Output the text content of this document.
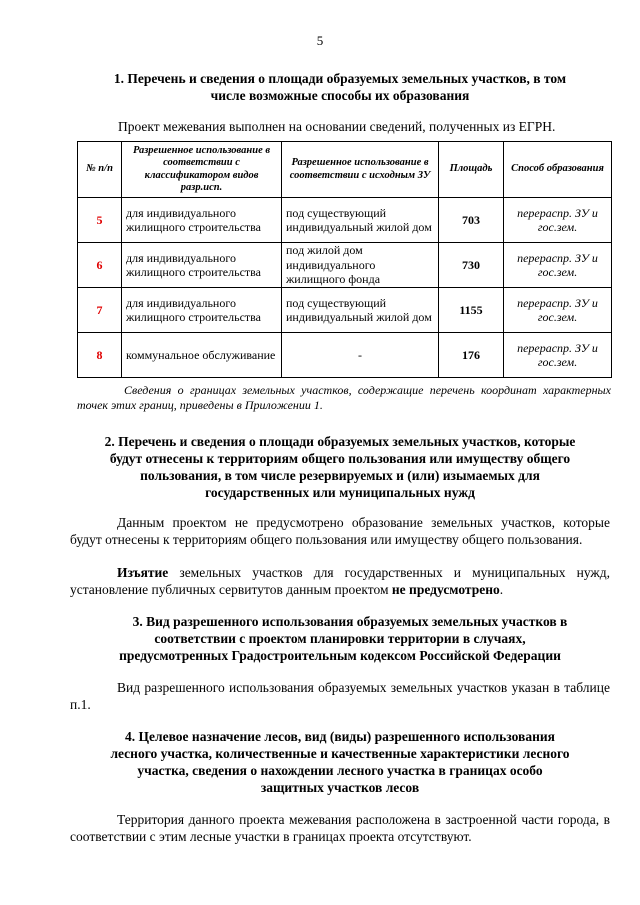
5
1. Перечень и сведения о площади образуемых земельных участков, в том
числе возможные способы их образования
Проект межевания выполнен на основании сведений, полученных из ЕГРН.
№ п/п	Разрешенное использование в соответствии с классификатором видов разр.исп.	Разрешенное использование в соответствии с исходным ЗУ	Площадь	Способ образования
5	для индивидуального жилищного строительства	под существующий индивидуальный жилой дом	703	перераспр. ЗУ и гос.зем.
6	для индивидуального жилищного строительства	под жилой дом индивидуального жилищного фонда	730	перераспр. ЗУ и гос.зем.
7	для индивидуального жилищного строительства	под существующий индивидуальный жилой дом	1155	перераспр. ЗУ и гос.зем.
8	коммунальное обслуживание	-	176	перераспр. ЗУ и гос.зем.
Сведения о границах земельных участков, содержащие перечень координат характерных точек этих границ, приведены в Приложении 1.
2. Перечень и сведения о площади образуемых земельных участков, которые
будут отнесены к территориям общего пользования или имуществу общего
пользования, в том числе резервируемых и (или) изымаемых для
государственных или муниципальных нужд
Данным проектом не предусмотрено образование земельных участков, которые будут отнесены к территориям общего пользования или имуществу общего пользования.
Изъятие земельных участков для государственных и муниципальных нужд, установление публичных сервитутов данным проектом не предусмотрено.
3. Вид разрешенного использования образуемых земельных участков в
соответствии с проектом планировки территории в случаях,
предусмотренных Градостроительным кодексом Российской Федерации
Вид разрешенного использования образуемых земельных участков указан в таблице п.1.
4. Целевое назначение лесов, вид (виды) разрешенного использования
лесного участка, количественные и качественные характеристики лесного
участка, сведения о нахождении лесного участка в границах особо
защитных участков лесов
Территория данного проекта межевания расположена в застроенной части города, в соответствии с этим лесные участки в границах проекта отсутствуют.
